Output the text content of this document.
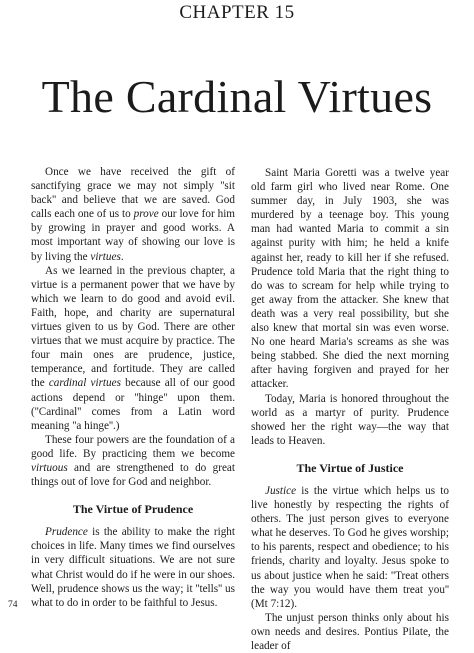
CHAPTER 15
The Cardinal Virtues

Once we have received the gift of sanctifying grace we may not simply ''sit back'' and believe that we are saved. God calls each one of us to prove our love for him by growing in prayer and good works. A most important way of showing our love is by living the virtues.

As we learned in the previous chapter, a virtue is a permanent power that we have by which we learn to do good and avoid evil. Faith, hope, and charity are supernatural virtues given to us by God. There are other virtues that we must acquire by practice. The four main ones are prudence, justice, temperance, and fortitude. They are called the cardinal virtues because all of our good actions depend or ''hinge'' upon them. (''Cardinal'' comes from a Latin word meaning ''a hinge''.)

These four powers are the foundation of a good life. By practicing them we become virtuous and are strengthened to do great things out of love for God and neighbor.

The Virtue of Prudence

Prudence is the ability to make the right choices in life. Many times we find ourselves in very difficult situations. We are not sure what Christ would do if he were in our shoes. Well, prudence shows us the way; it ''tells'' us what to do in order to be faithful to Jesus.

Saint Maria Goretti was a twelve year old farm girl who lived near Rome. One summer day, in July 1903, she was murdered by a teenage boy. This young man had wanted Maria to commit a sin against purity with him; he held a knife against her, ready to kill her if she refused. Prudence told Maria that the right thing to do was to scream for help while trying to get away from the attacker. She knew that death was a very real possibility, but she also knew that mortal sin was even worse. No one heard Maria's screams as she was being stabbed. She died the next morning after having forgiven and prayed for her attacker.

Today, Maria is honored throughout the world as a martyr of purity. Prudence showed her the right way—the way that leads to Heaven.

The Virtue of Justice

Justice is the virtue which helps us to live honestly by respecting the rights of others. The just person gives to everyone what he deserves. To God he gives worship; to his parents, respect and obedience; to his friends, charity and loyalty. Jesus spoke to us about justice when he said: ''Treat others the way you would have them treat you'' (Mt 7:12).

The unjust person thinks only about his own needs and desires. Pontius Pilate, the leader of

74
